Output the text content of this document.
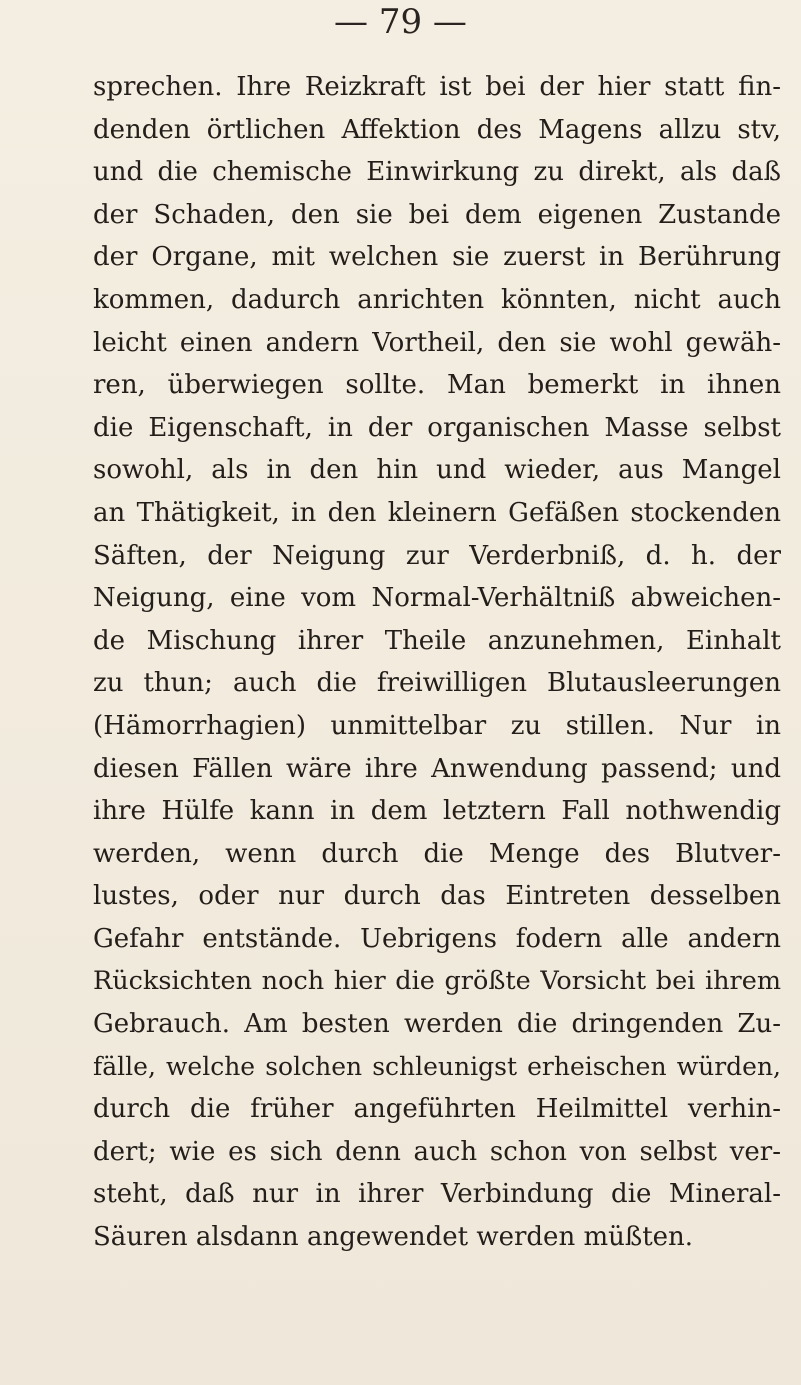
— 79 —
sprechen. Ihre Reizkraft ist bei der hier statt fin-
denden örtlichen Affektion des Magens allzu stv,
und die chemische Einwirkung zu direkt, als daß
der Schaden, den sie bei dem eigenen Zustande
der Organe, mit welchen sie zuerst in Berührung
kommen, dadurch anrichten könnten, nicht auch
leicht einen andern Vortheil, den sie wohl gewäh-
ren, überwiegen sollte. Man bemerkt in ihnen
die Eigenschaft, in der organischen Masse selbst
sowohl, als in den hin und wieder, aus Mangel
an Thätigkeit, in den kleinern Gefäßen stockenden
Säften, der Neigung zur Verderbniß, d. h. der
Neigung, eine vom Normal-Verhältniß abweichen-
de Mischung ihrer Theile anzunehmen, Einhalt
zu thun; auch die freiwilligen Blutausleerungen
(Hämorrhagien) unmittelbar zu stillen. Nur in
diesen Fällen wäre ihre Anwendung passend; und
ihre Hülfe kann in dem letztern Fall nothwendig
werden, wenn durch die Menge des Blutver-
lustes, oder nur durch das Eintreten desselben
Gefahr entstände. Uebrigens fodern alle andern
Rücksichten noch hier die größte Vorsicht bei ihrem
Gebrauch. Am besten werden die dringenden Zu-
fälle, welche solchen schleunigst erheischen würden,
durch die früher angeführten Heilmittel verhin-
dert; wie es sich denn auch schon von selbst ver-
steht, daß nur in ihrer Verbindung die Mineral-
Säuren alsdann angewendet werden müßten.
